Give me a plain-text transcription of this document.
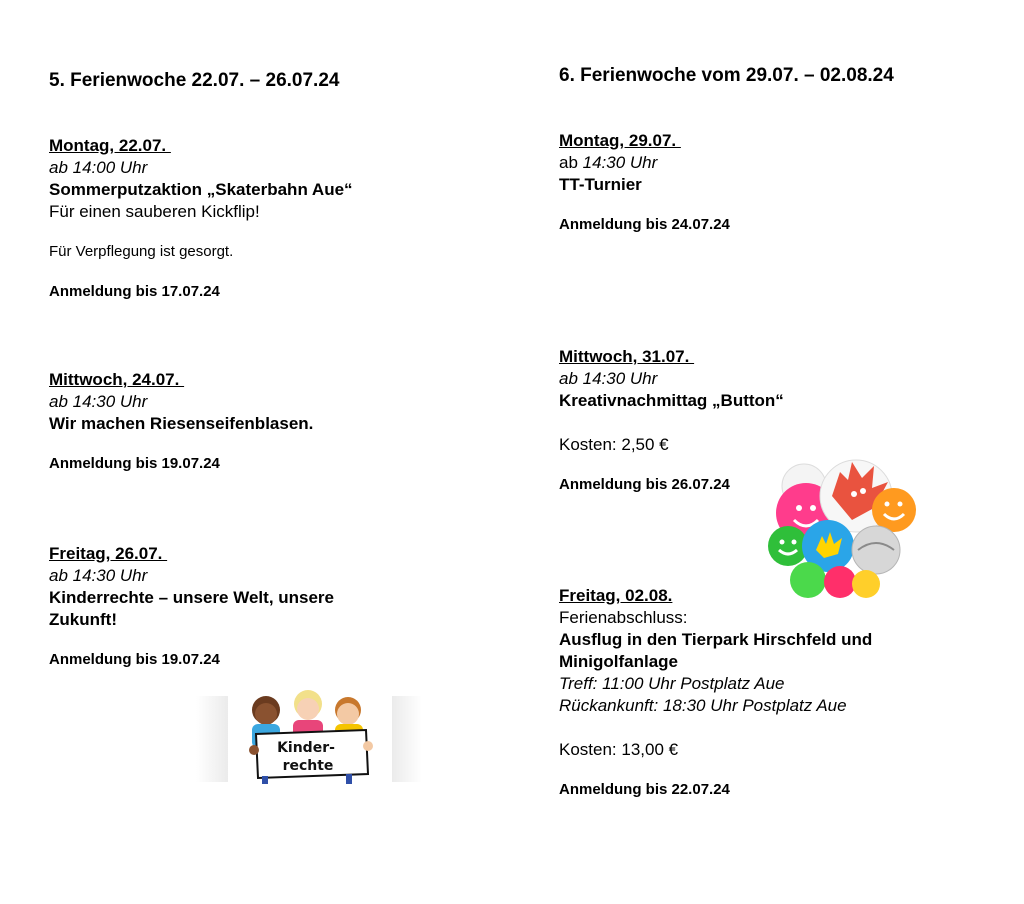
5. Ferienwoche 22.07. – 26.07.24
Montag, 22.07.
ab 14:00 Uhr
Sommerputzaktion „Skaterbahn Aue“
Für einen sauberen Kickflip!
Für Verpflegung ist gesorgt.
Anmeldung bis 17.07.24
Mittwoch, 24.07.
ab 14:30 Uhr
Wir machen Riesenseifenblasen.
Anmeldung bis 19.07.24
Freitag, 26.07.
ab 14:30 Uhr
Kinderrechte – unsere Welt, unsere
Zukunft!
Anmeldung bis 19.07.24
Kinder-
rechte
6. Ferienwoche vom 29.07. – 02.08.24
Montag, 29.07.
ab 14:30 Uhr
TT-Turnier
Anmeldung bis 24.07.24
Mittwoch, 31.07.
ab 14:30 Uhr
Kreativnachmittag „Button“
Kosten: 2,50 €
Anmeldung bis 26.07.24
Freitag, 02.08.
Ferienabschluss:
Ausflug in den Tierpark Hirschfeld und
Minigolfanlage
Treff: 11:00 Uhr Postplatz Aue
Rückankunft: 18:30 Uhr Postplatz Aue
Kosten: 13,00 €
Anmeldung bis 22.07.24
